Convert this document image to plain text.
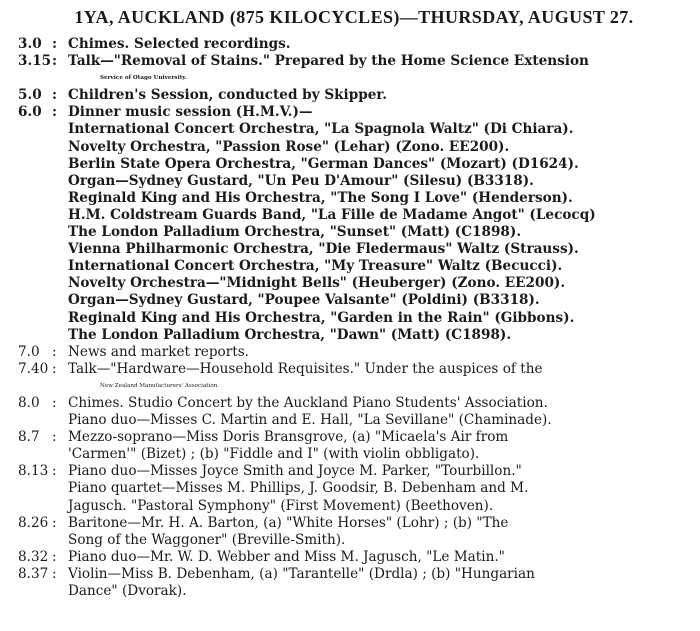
1YA, AUCKLAND (875 KILOCYCLES)—THURSDAY, AUGUST 27.
3.0 : Chimes. Selected recordings.
3.15: Talk—"Removal of Stains." Prepared by the Home Science Extension
Service of Otago University.
5.0 : Children's Session, conducted by Skipper.
6.0 : Dinner music session (H.M.V.)—
International Concert Orchestra, "La Spagnola Waltz" (Di Chiara).
Novelty Orchestra, "Passion Rose" (Lehar) (Zono. EE200).
Berlin State Opera Orchestra, "German Dances" (Mozart) (D1624).
Organ—Sydney Gustard, "Un Peu D'Amour" (Silesu) (B3318).
Reginald King and His Orchestra, "The Song I Love" (Henderson).
H.M. Coldstream Guards Band, "La Fille de Madame Angot" (Lecocq)
The London Palladium Orchestra, "Sunset" (Matt) (C1898).
Vienna Philharmonic Orchestra, "Die Fledermaus" Waltz (Strauss).
International Concert Orchestra, "My Treasure" Waltz (Becucci).
Novelty Orchestra—"Midnight Bells" (Heuberger) (Zono. EE200).
Organ—Sydney Gustard, "Poupee Valsante" (Poldini) (B3318).
Reginald King and His Orchestra, "Garden in the Rain" (Gibbons).
The London Palladium Orchestra, "Dawn" (Matt) (C1898).
7.0 : News and market reports.
7.40 : Talk—"Hardware—Household Requisites." Under the auspices of the
New Zealand Manufacturers' Association.
8.0 : Chimes. Studio Concert by the Auckland Piano Students' Association.
Piano duo—Misses C. Martin and E. Hall, "La Sevillane" (Chaminade).
8.7 : Mezzo-soprano—Miss Doris Bransgrove, (a) "Micaela's Air from
'Carmen'" (Bizet) ; (b) "Fiddle and I" (with violin obbligato).
8.13 : Piano duo—Misses Joyce Smith and Joyce M. Parker, "Tourbillon."
Piano quartet—Misses M. Phillips, J. Goodsir, B. Debenham and M.
Jagusch. "Pastoral Symphony" (First Movement) (Beethoven).
8.26 : Baritone—Mr. H. A. Barton, (a) "White Horses" (Lohr) ; (b) "The
Song of the Waggoner" (Breville-Smith).
8.32 : Piano duo—Mr. W. D. Webber and Miss M. Jagusch, "Le Matin."
8.37 : Violin—Miss B. Debenham, (a) "Tarantelle" (Drdla) ; (b) "Hungarian
Dance" (Dvorak).
